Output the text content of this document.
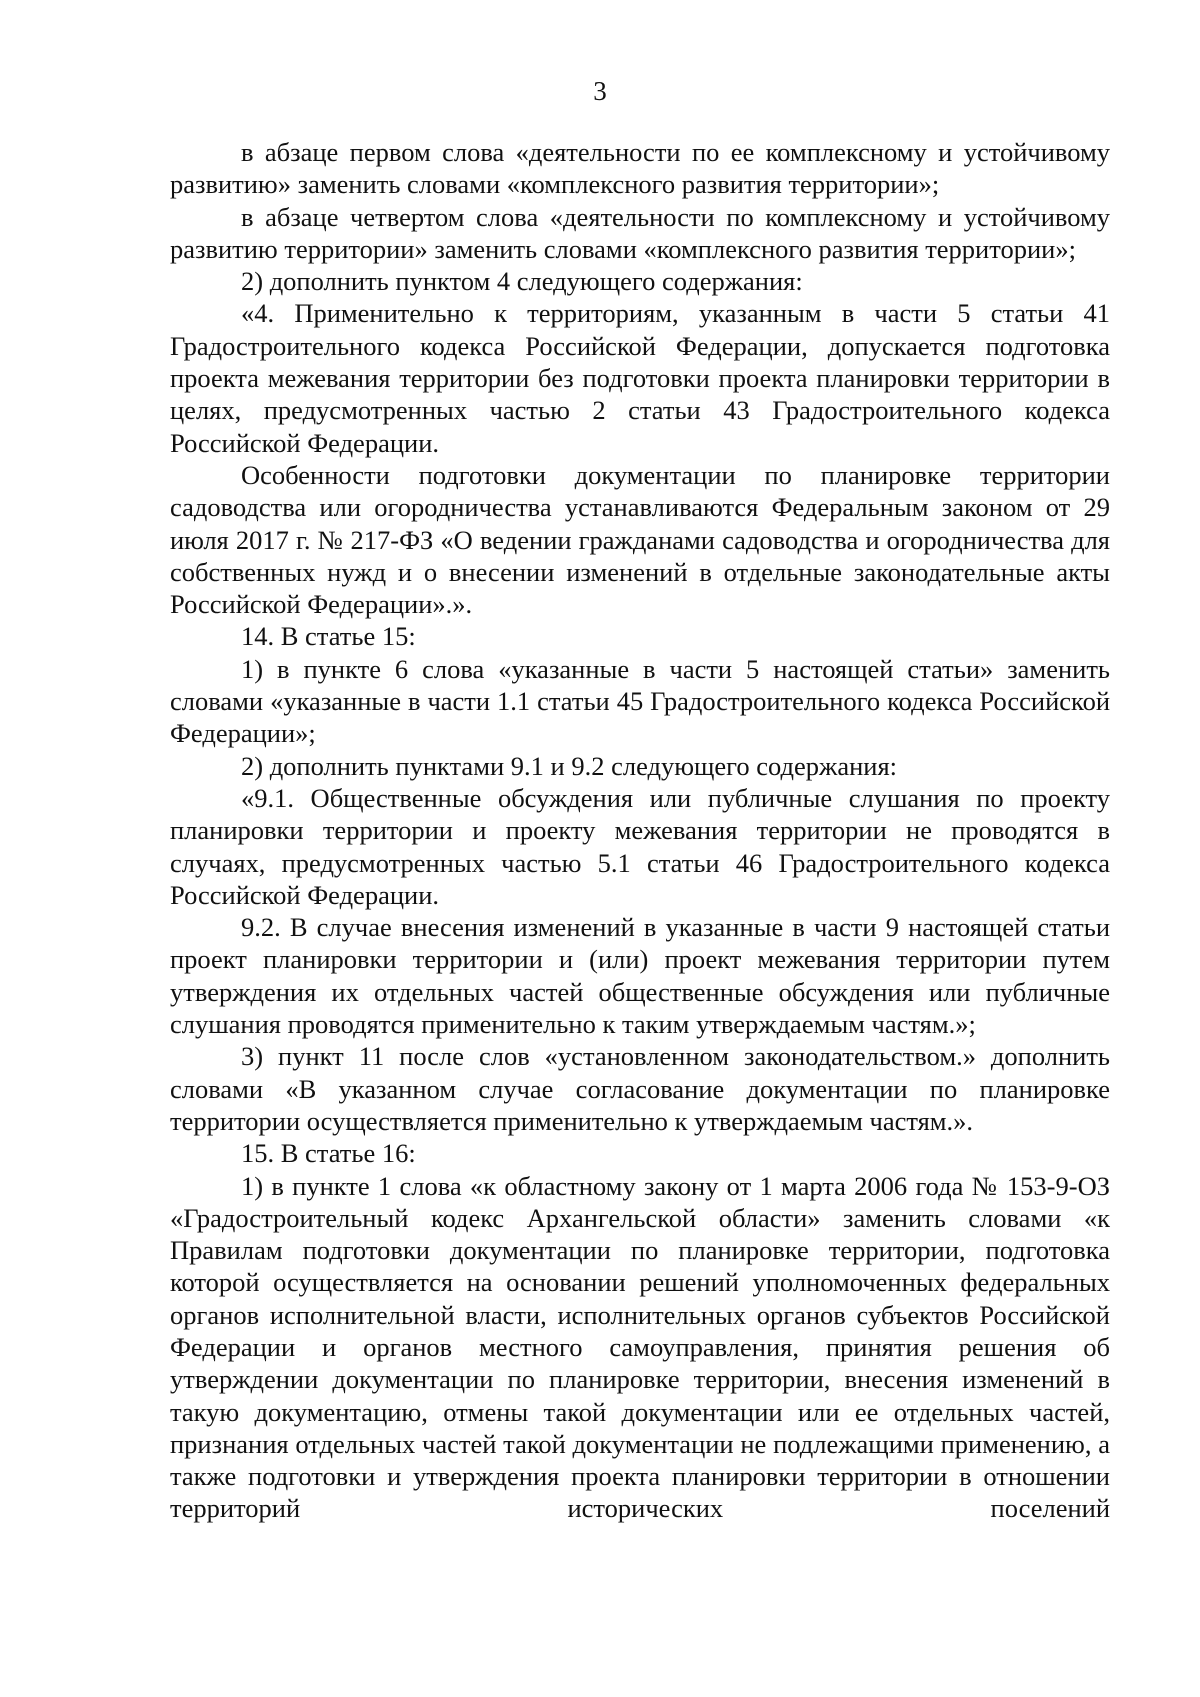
3

в абзаце первом слова «деятельности по ее комплексному и устойчивому развитию» заменить словами «комплексного развития территории»;

в абзаце четвертом слова «деятельности по комплексному и устойчивому развитию территории» заменить словами «комплексного развития территории»;

2) дополнить пунктом 4 следующего содержания:

«4. Применительно к территориям, указанным в части 5 статьи 41 Градостроительного кодекса Российской Федерации, допускается подготовка проекта межевания территории без подготовки проекта планировки территории в целях, предусмотренных частью 2 статьи 43 Градостроительного кодекса Российской Федерации.

Особенности подготовки документации по планировке территории садоводства или огородничества устанавливаются Федеральным законом от 29 июля 2017 г. № 217-ФЗ «О ведении гражданами садоводства и огородничества для собственных нужд и о внесении изменений в отдельные законодательные акты Российской Федерации».».

14. В статье 15:

1) в пункте 6 слова «указанные в части 5 настоящей статьи» заменить словами «указанные в части 1.1 статьи 45 Градостроительного кодекса Российской Федерации»;

2) дополнить пунктами 9.1 и 9.2 следующего содержания:

«9.1. Общественные обсуждения или публичные слушания по проекту планировки территории и проекту межевания территории не проводятся в случаях, предусмотренных частью 5.1 статьи 46 Градостроительного кодекса Российской Федерации.

9.2. В случае внесения изменений в указанные в части 9 настоящей статьи проект планировки территории и (или) проект межевания территории путем утверждения их отдельных частей общественные обсуждения или публичные слушания проводятся применительно к таким утверждаемым частям.»;

3) пункт 11 после слов «установленном законодательством.» дополнить словами «В указанном случае согласование документации по планировке территории осуществляется применительно к утверждаемым частям.».

15. В статье 16:

1) в пункте 1 слова «к областному закону от 1 марта 2006 года № 153-9-ОЗ «Градостроительный кодекс Архангельской области» заменить словами «к Правилам подготовки документации по планировке территории, подготовка которой осуществляется на основании решений уполномоченных федеральных органов исполнительной власти, исполнительных органов субъектов Российской Федерации и органов местного самоуправления, принятия решения об утверждении документации по планировке территории, внесения изменений в такую документацию, отмены такой документации или ее отдельных частей, признания отдельных частей такой документации не подлежащими применению, а также подготовки и утверждения проекта планировки территории в отношении территорий исторических поселений
